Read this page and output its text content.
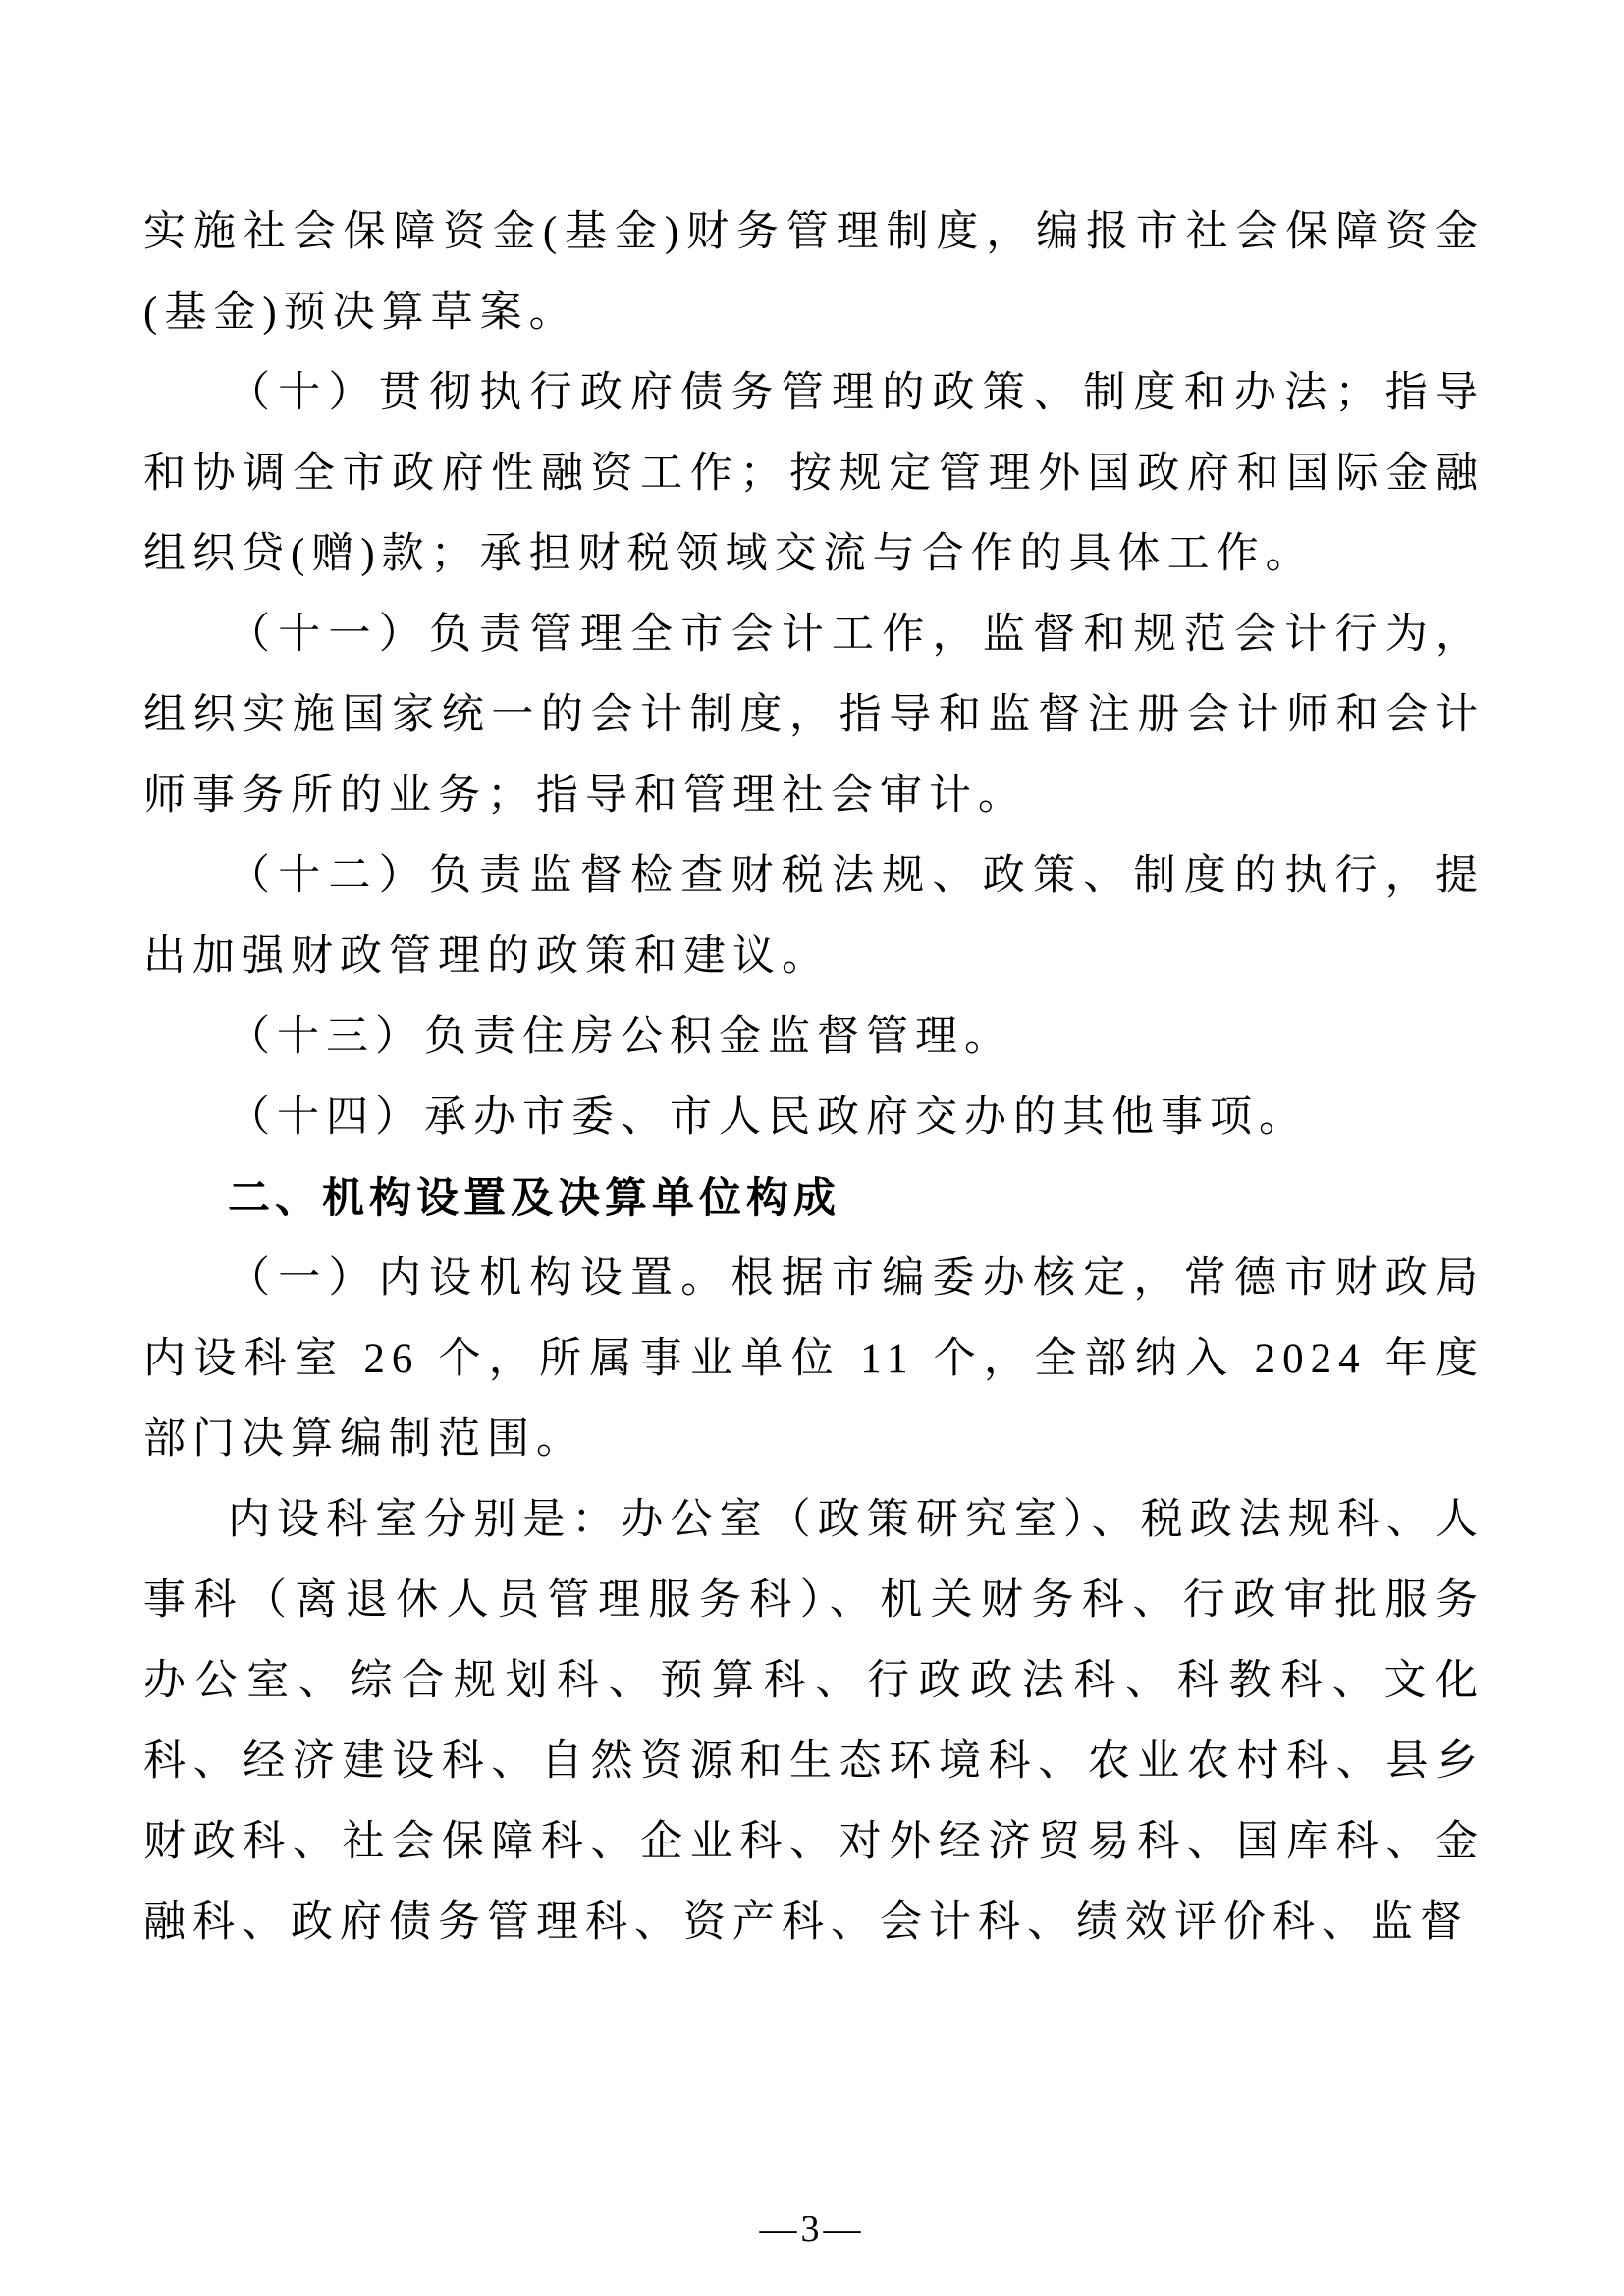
实施社会保障资金(基金)财务管理制度，编报市社会保障资金(基金)预决算草案。

（十）贯彻执行政府债务管理的政策、制度和办法；指导和协调全市政府性融资工作；按规定管理外国政府和国际金融组织贷(赠)款；承担财税领域交流与合作的具体工作。

（十一）负责管理全市会计工作，监督和规范会计行为，组织实施国家统一的会计制度，指导和监督注册会计师和会计师事务所的业务；指导和管理社会审计。

（十二）负责监督检查财税法规、政策、制度的执行，提出加强财政管理的政策和建议。

（十三）负责住房公积金监督管理。

（十四）承办市委、市人民政府交办的其他事项。

二、机构设置及决算单位构成

（一）内设机构设置。根据市编委办核定，常德市财政局内设科室 26 个，所属事业单位 11 个，全部纳入 2024 年度部门决算编制范围。

内设科室分别是：办公室（政策研究室）、税政法规科、人事科（离退休人员管理服务科）、机关财务科、行政审批服务办公室、综合规划科、预算科、行政政法科、科教科、文化科、经济建设科、自然资源和生态环境科、农业农村科、县乡财政科、社会保障科、企业科、对外经济贸易科、国库科、金融科、政府债务管理科、资产科、会计科、绩效评价科、监督

—3—
